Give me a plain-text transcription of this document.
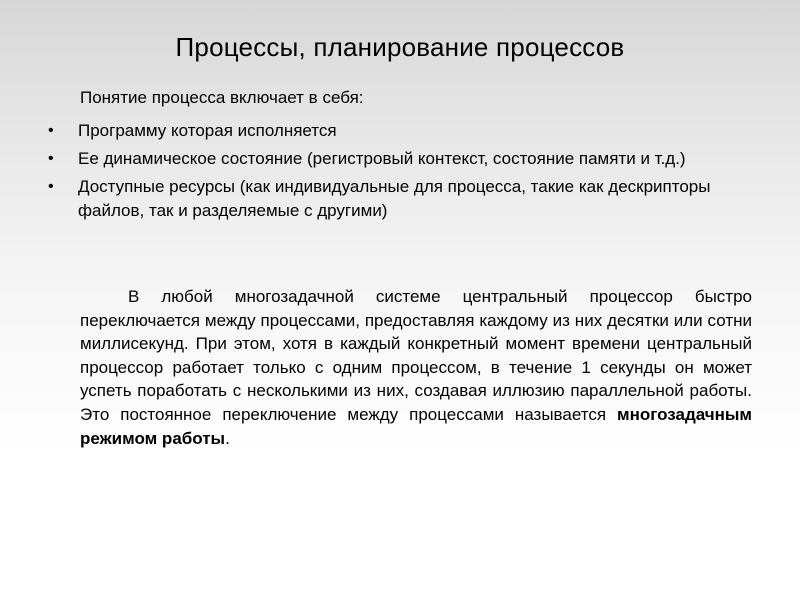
Процессы, планирование процессов
Понятие процесса включает в себя:
• Программу которая исполняется
• Ее динамическое состояние (регистровый контекст, состояние памяти и т.д.)
• Доступные ресурсы (как индивидуальные для процесса, такие как дескрипторы файлов, так и разделяемые с другими)

В любой многозадачной системе центральный процессор быстро переключается между процессами, предоставляя каждому из них десятки или сотни миллисекунд. При этом, хотя в каждый конкретный момент времени центральный процессор работает только с одним процессом, в течение 1 секунды он может успеть поработать с несколькими из них, создавая иллюзию параллельной работы. Это постоянное переключение между процессами называется многозадачным режимом работы.
